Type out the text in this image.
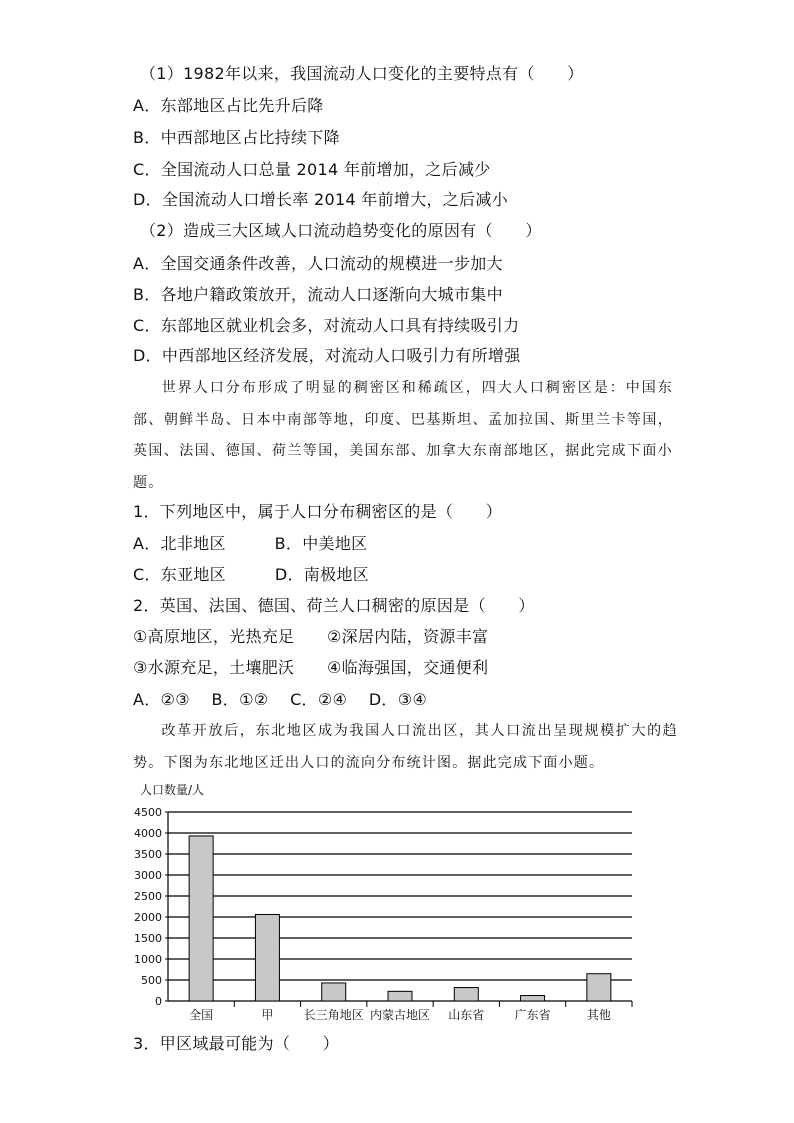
（1）1982年以来，我国流动人口变化的主要特点有（　　）
A．东部地区占比先升后降
B．中西部地区占比持续下降
C．全国流动人口总量 2014 年前增加，之后减少
D．全国流动人口增长率 2014 年前增大，之后减小
（2）造成三大区域人口流动趋势变化的原因有（　　）
A．全国交通条件改善，人口流动的规模进一步加大
B．各地户籍政策放开，流动人口逐渐向大城市集中
C．东部地区就业机会多，对流动人口具有持续吸引力
D．中西部地区经济发展，对流动人口吸引力有所增强
世界人口分布形成了明显的稠密区和稀疏区，四大人口稠密区是：中国东部、朝鲜半岛、日本中南部等地，印度、巴基斯坦、孟加拉国、斯里兰卡等国，英国、法国、德国、荷兰等国，美国东部、加拿大东南部地区，据此完成下面小题。
1．下列地区中，属于人口分布稠密区的是（　　）
A．北非地区　　　B．中美地区
C．东亚地区　　　D．南极地区
2．英国、法国、德国、荷兰人口稠密的原因是（　　）
①高原地区，光热充足　　②深居内陆，资源丰富
③水源充足，土壤肥沃　　④临海强国，交通便利
A．②③　 B．①②　 C．②④　 D．③④
改革开放后，东北地区成为我国人口流出区，其人口流出呈现规模扩大的趋势。下图为东北地区迁出人口的流向分布统计图。据此完成下面小题。
人口数量/人
0
500
1000
1500
2000
2500
3000
3500
4000
4500
全国	甲	长三角地区 内蒙古地区 山东省	广东省	其他
3．甲区域最可能为（　　）
